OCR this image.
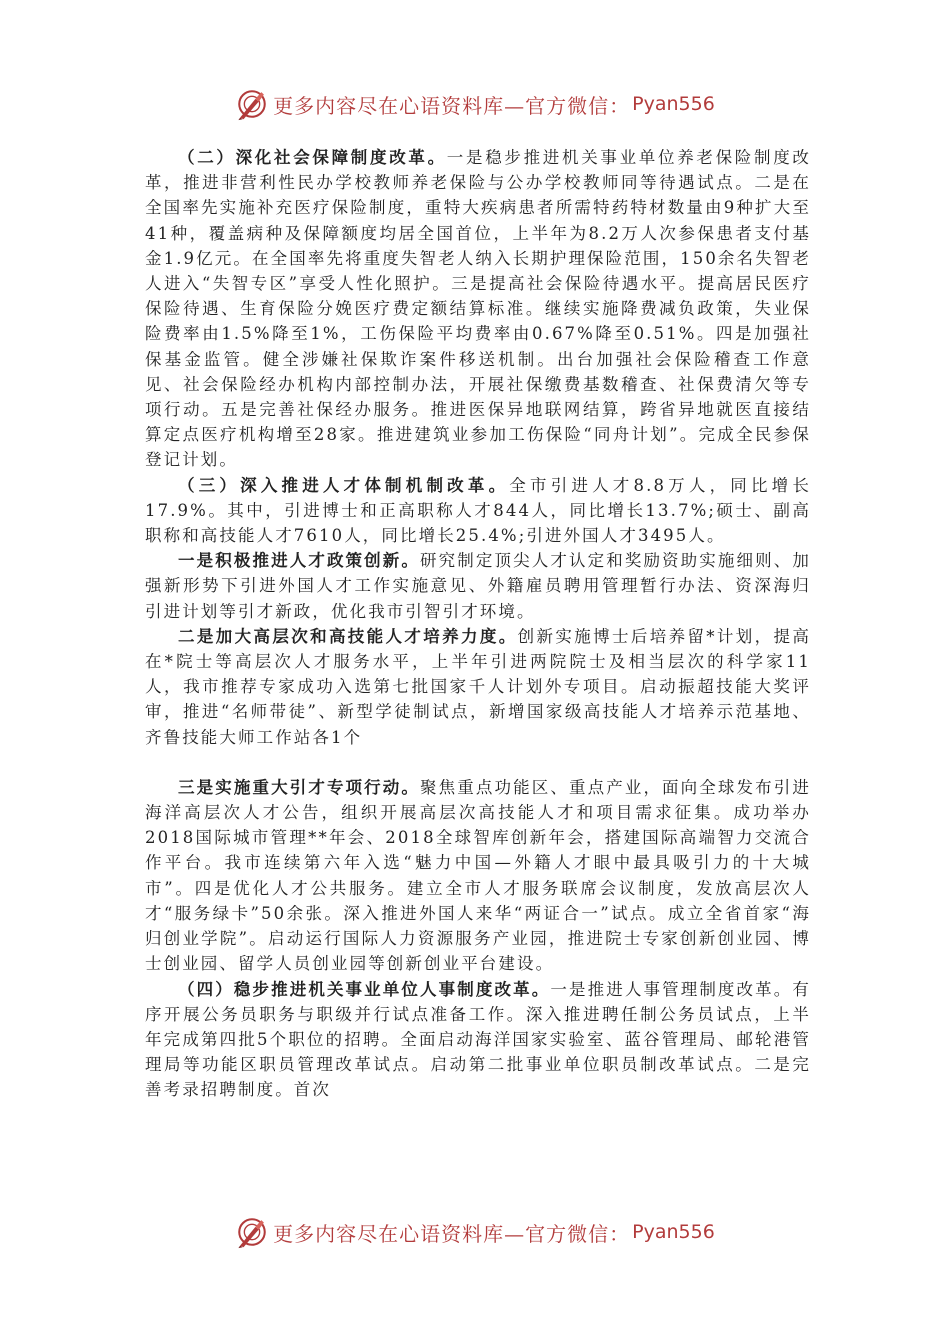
更多内容尽在心语资料库—官方微信： Pyan556

（二）深化社会保障制度改革。一是稳步推进机关事业单位养老保险制度改革，推进非营利性民办学校教师养老保险与公办学校教师同等待遇试点。二是在全国率先实施补充医疗保险制度，重特大疾病患者所需特药特材数量由9种扩大至41种，覆盖病种及保障额度均居全国首位，上半年为8.2万人次参保患者支付基金1.9亿元。在全国率先将重度失智老人纳入长期护理保险范围，150余名失智老人进入“失智专区”享受人性化照护。三是提高社会保险待遇水平。提高居民医疗保险待遇、生育保险分娩医疗费定额结算标准。继续实施降费减负政策，失业保险费率由1.5%降至1%，工伤保险平均费率由0.67%降至0.51%。四是加强社保基金监管。健全涉嫌社保欺诈案件移送机制。出台加强社会保险稽查工作意见、社会保险经办机构内部控制办法，开展社保缴费基数稽查、社保费清欠等专项行动。五是完善社保经办服务。推进医保异地联网结算，跨省异地就医直接结算定点医疗机构增至28家。推进建筑业参加工伤保险“同舟计划”。完成全民参保登记计划。

（三）深入推进人才体制机制改革。全市引进人才8.8万人，同比增长17.9%。其中，引进博士和正高职称人才844人，同比增长13.7%;硕士、副高职称和高技能人才7610人，同比增长25.4%;引进外国人才3495人。

一是积极推进人才政策创新。研究制定顶尖人才认定和奖励资助实施细则、加强新形势下引进外国人才工作实施意见、外籍雇员聘用管理暂行办法、资深海归引进计划等引才新政，优化我市引智引才环境。

二是加大高层次和高技能人才培养力度。创新实施博士后培养留*计划，提高在*院士等高层次人才服务水平，上半年引进两院院士及相当层次的科学家11人，我市推荐专家成功入选第七批国家千人计划外专项目。启动振超技能大奖评审，推进“名师带徒”、新型学徒制试点，新增国家级高技能人才培养示范基地、齐鲁技能大师工作站各1个

三是实施重大引才专项行动。聚焦重点功能区、重点产业，面向全球发布引进海洋高层次人才公告，组织开展高层次高技能人才和项目需求征集。成功举办2018国际城市管理**年会、2018全球智库创新年会，搭建国际高端智力交流合作平台。我市连续第六年入选“魅力中国—外籍人才眼中最具吸引力的十大城市”。四是优化人才公共服务。建立全市人才服务联席会议制度，发放高层次人才“服务绿卡”50余张。深入推进外国人来华“两证合一”试点。成立全省首家“海归创业学院”。启动运行国际人力资源服务产业园，推进院士专家创新创业园、博士创业园、留学人员创业园等创新创业平台建设。

（四）稳步推进机关事业单位人事制度改革。一是推进人事管理制度改革。有序开展公务员职务与职级并行试点准备工作。深入推进聘任制公务员试点，上半年完成第四批5个职位的招聘。全面启动海洋国家实验室、蓝谷管理局、邮轮港管理局等功能区职员管理改革试点。启动第二批事业单位职员制改革试点。二是完善考录招聘制度。首次

更多内容尽在心语资料库—官方微信： Pyan556
